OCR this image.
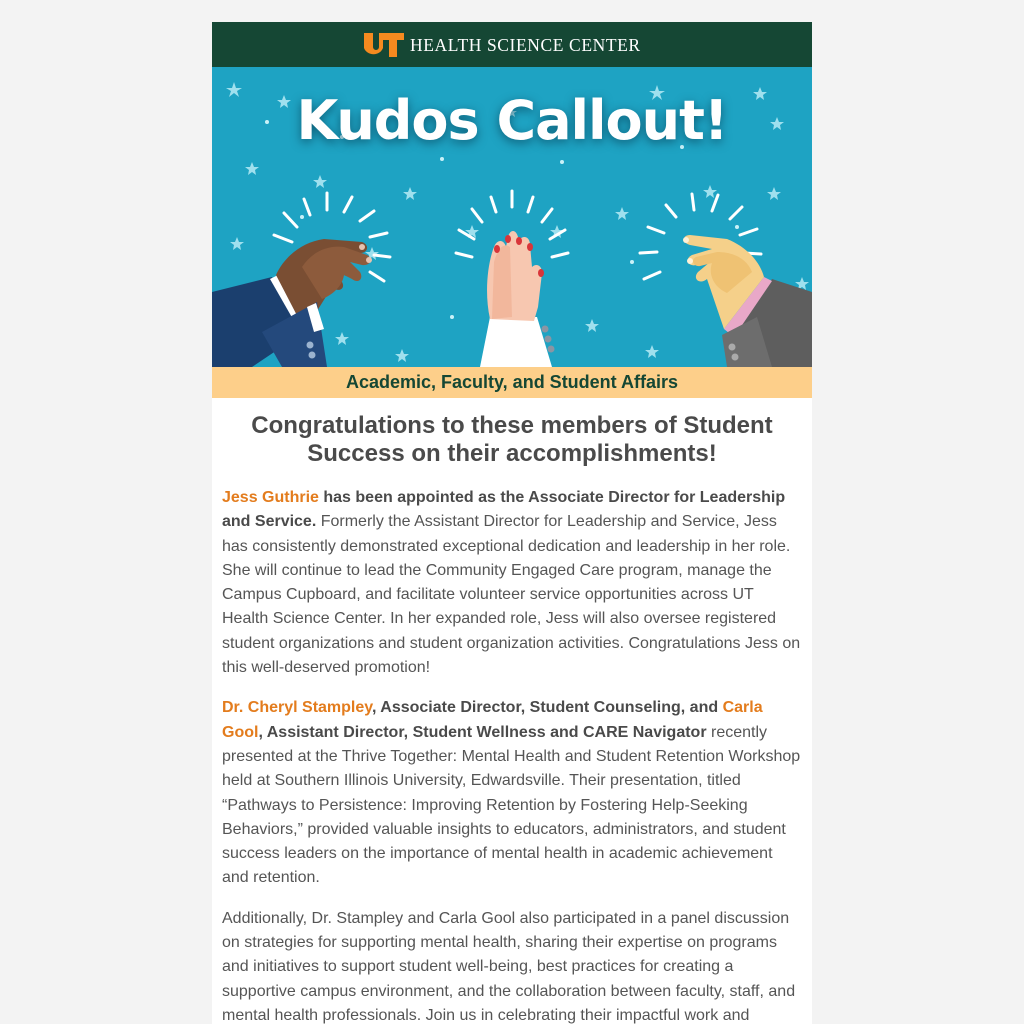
HEALTH SCIENCE CENTER
Kudos Callout!
Academic, Faculty, and Student Affairs
Congratulations to these members of Student Success on their accomplishments!

Jess Guthrie has been appointed as the Associate Director for Leadership and Service. Formerly the Assistant Director for Leadership and Service, Jess has consistently demonstrated exceptional dedication and leadership in her role. She will continue to lead the Community Engaged Care program, manage the Campus Cupboard, and facilitate volunteer service opportunities across UT Health Science Center. In her expanded role, Jess will also oversee registered student organizations and student organization activities. Congratulations Jess on this well-deserved promotion!

Dr. Cheryl Stampley, Associate Director, Student Counseling, and Carla Gool, Assistant Director, Student Wellness and CARE Navigator recently presented at the Thrive Together: Mental Health and Student Retention Workshop held at Southern Illinois University, Edwardsville. Their presentation, titled “Pathways to Persistence: Improving Retention by Fostering Help-Seeking Behaviors,” provided valuable insights to educators, administrators, and student success leaders on the importance of mental health in academic achievement and retention.

Additionally, Dr. Stampley and Carla Gool also participated in a panel discussion on strategies for supporting mental health, sharing their expertise on programs and initiatives to support student well-being, best practices for creating a supportive campus environment, and the collaboration between faculty, staff, and mental health professionals. Join us in celebrating their impactful work and
